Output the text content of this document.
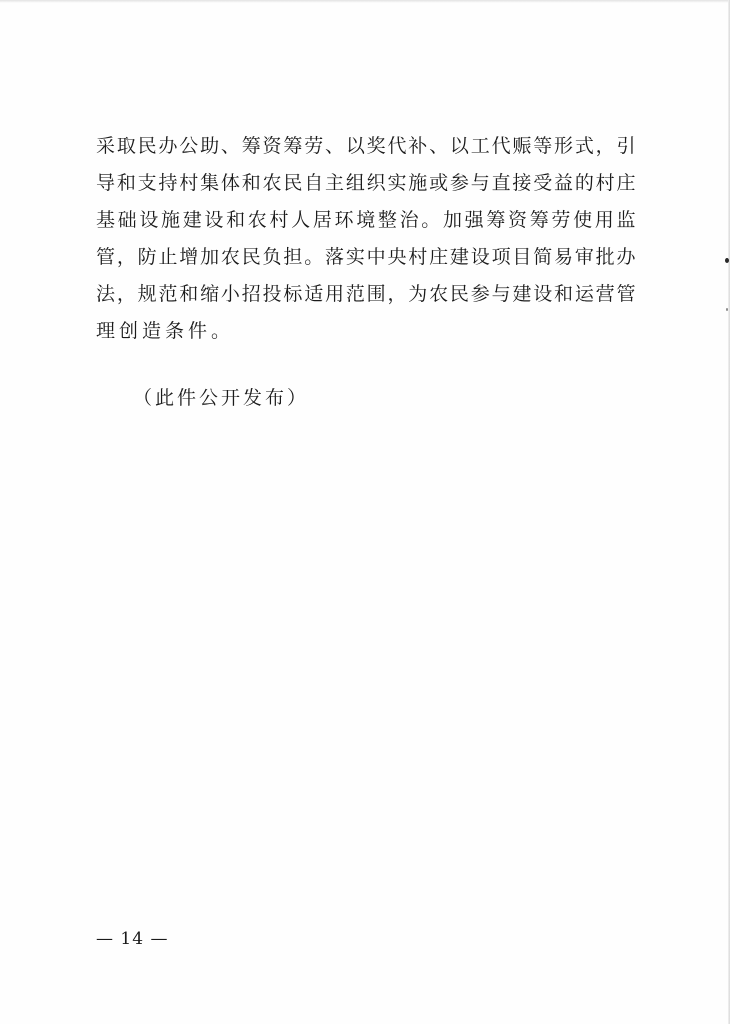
采取民办公助、筹资筹劳、以奖代补、以工代赈等形式，引
导和支持村集体和农民自主组织实施或参与直接受益的村庄
基础设施建设和农村人居环境整治。加强筹资筹劳使用监
管，防止增加农民负担。落实中央村庄建设项目简易审批办
法，规范和缩小招投标适用范围，为农民参与建设和运营管
理创造条件。
（此件公开发布）
— 14 —
